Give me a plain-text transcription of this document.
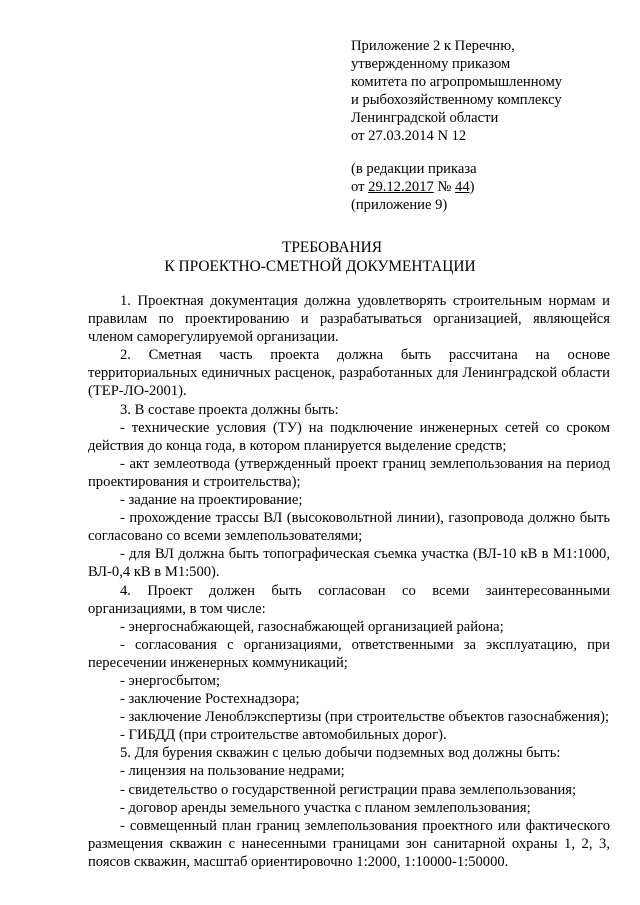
Приложение 2 к Перечню,
утвержденному приказом
комитета по агропромышленному
и рыбохозяйственному комплексу
Ленинградской области
от 27.03.2014 N 12
(в редакции приказа
от 29.12.2017 № 44)
(приложение 9)
ТРЕБОВАНИЯ
К ПРОЕКТНО-СМЕТНОЙ ДОКУМЕНТАЦИИ

1. Проектная документация должна удовлетворять строительным нормам и правилам по проектированию и разрабатываться организацией, являющейся членом саморегулируемой организации.

2. Сметная часть проекта должна быть рассчитана на основе территориальных единичных расценок, разработанных для Ленинградской области (ТЕР-ЛО-2001).

3. В составе проекта должны быть:

- технические условия (ТУ) на подключение инженерных сетей со сроком действия до конца года, в котором планируется выделение средств;

- акт землеотвода (утвержденный проект границ землепользования на период проектирования и строительства);

- задание на проектирование;

- прохождение трассы ВЛ (высоковольтной линии), газопровода должно быть согласовано со всеми землепользователями;

- для ВЛ должна быть топографическая съемка участка (ВЛ-10 кВ в М1:1000, ВЛ-0,4 кВ в М1:500).

4. Проект должен быть согласован со всеми заинтересованными организациями, в том числе:

- энергоснабжающей, газоснабжающей организацией района;

- согласования с организациями, ответственными за эксплуатацию, при пересечении инженерных коммуникаций;

- энергосбытом;

- заключение Ростехнадзора;

- заключение Леноблэкспертизы (при строительстве объектов газоснабжения);

- ГИБДД (при строительстве автомобильных дорог).

5. Для бурения скважин с целью добычи подземных вод должны быть:

- лицензия на пользование недрами;

- свидетельство о государственной регистрации права землепользования;

- договор аренды земельного участка с планом землепользования;

- совмещенный план границ землепользования проектного или фактического размещения скважин с нанесенными границами зон санитарной охраны 1, 2, 3, поясов скважин, масштаб ориентировочно 1:2000, 1:10000-1:50000.
